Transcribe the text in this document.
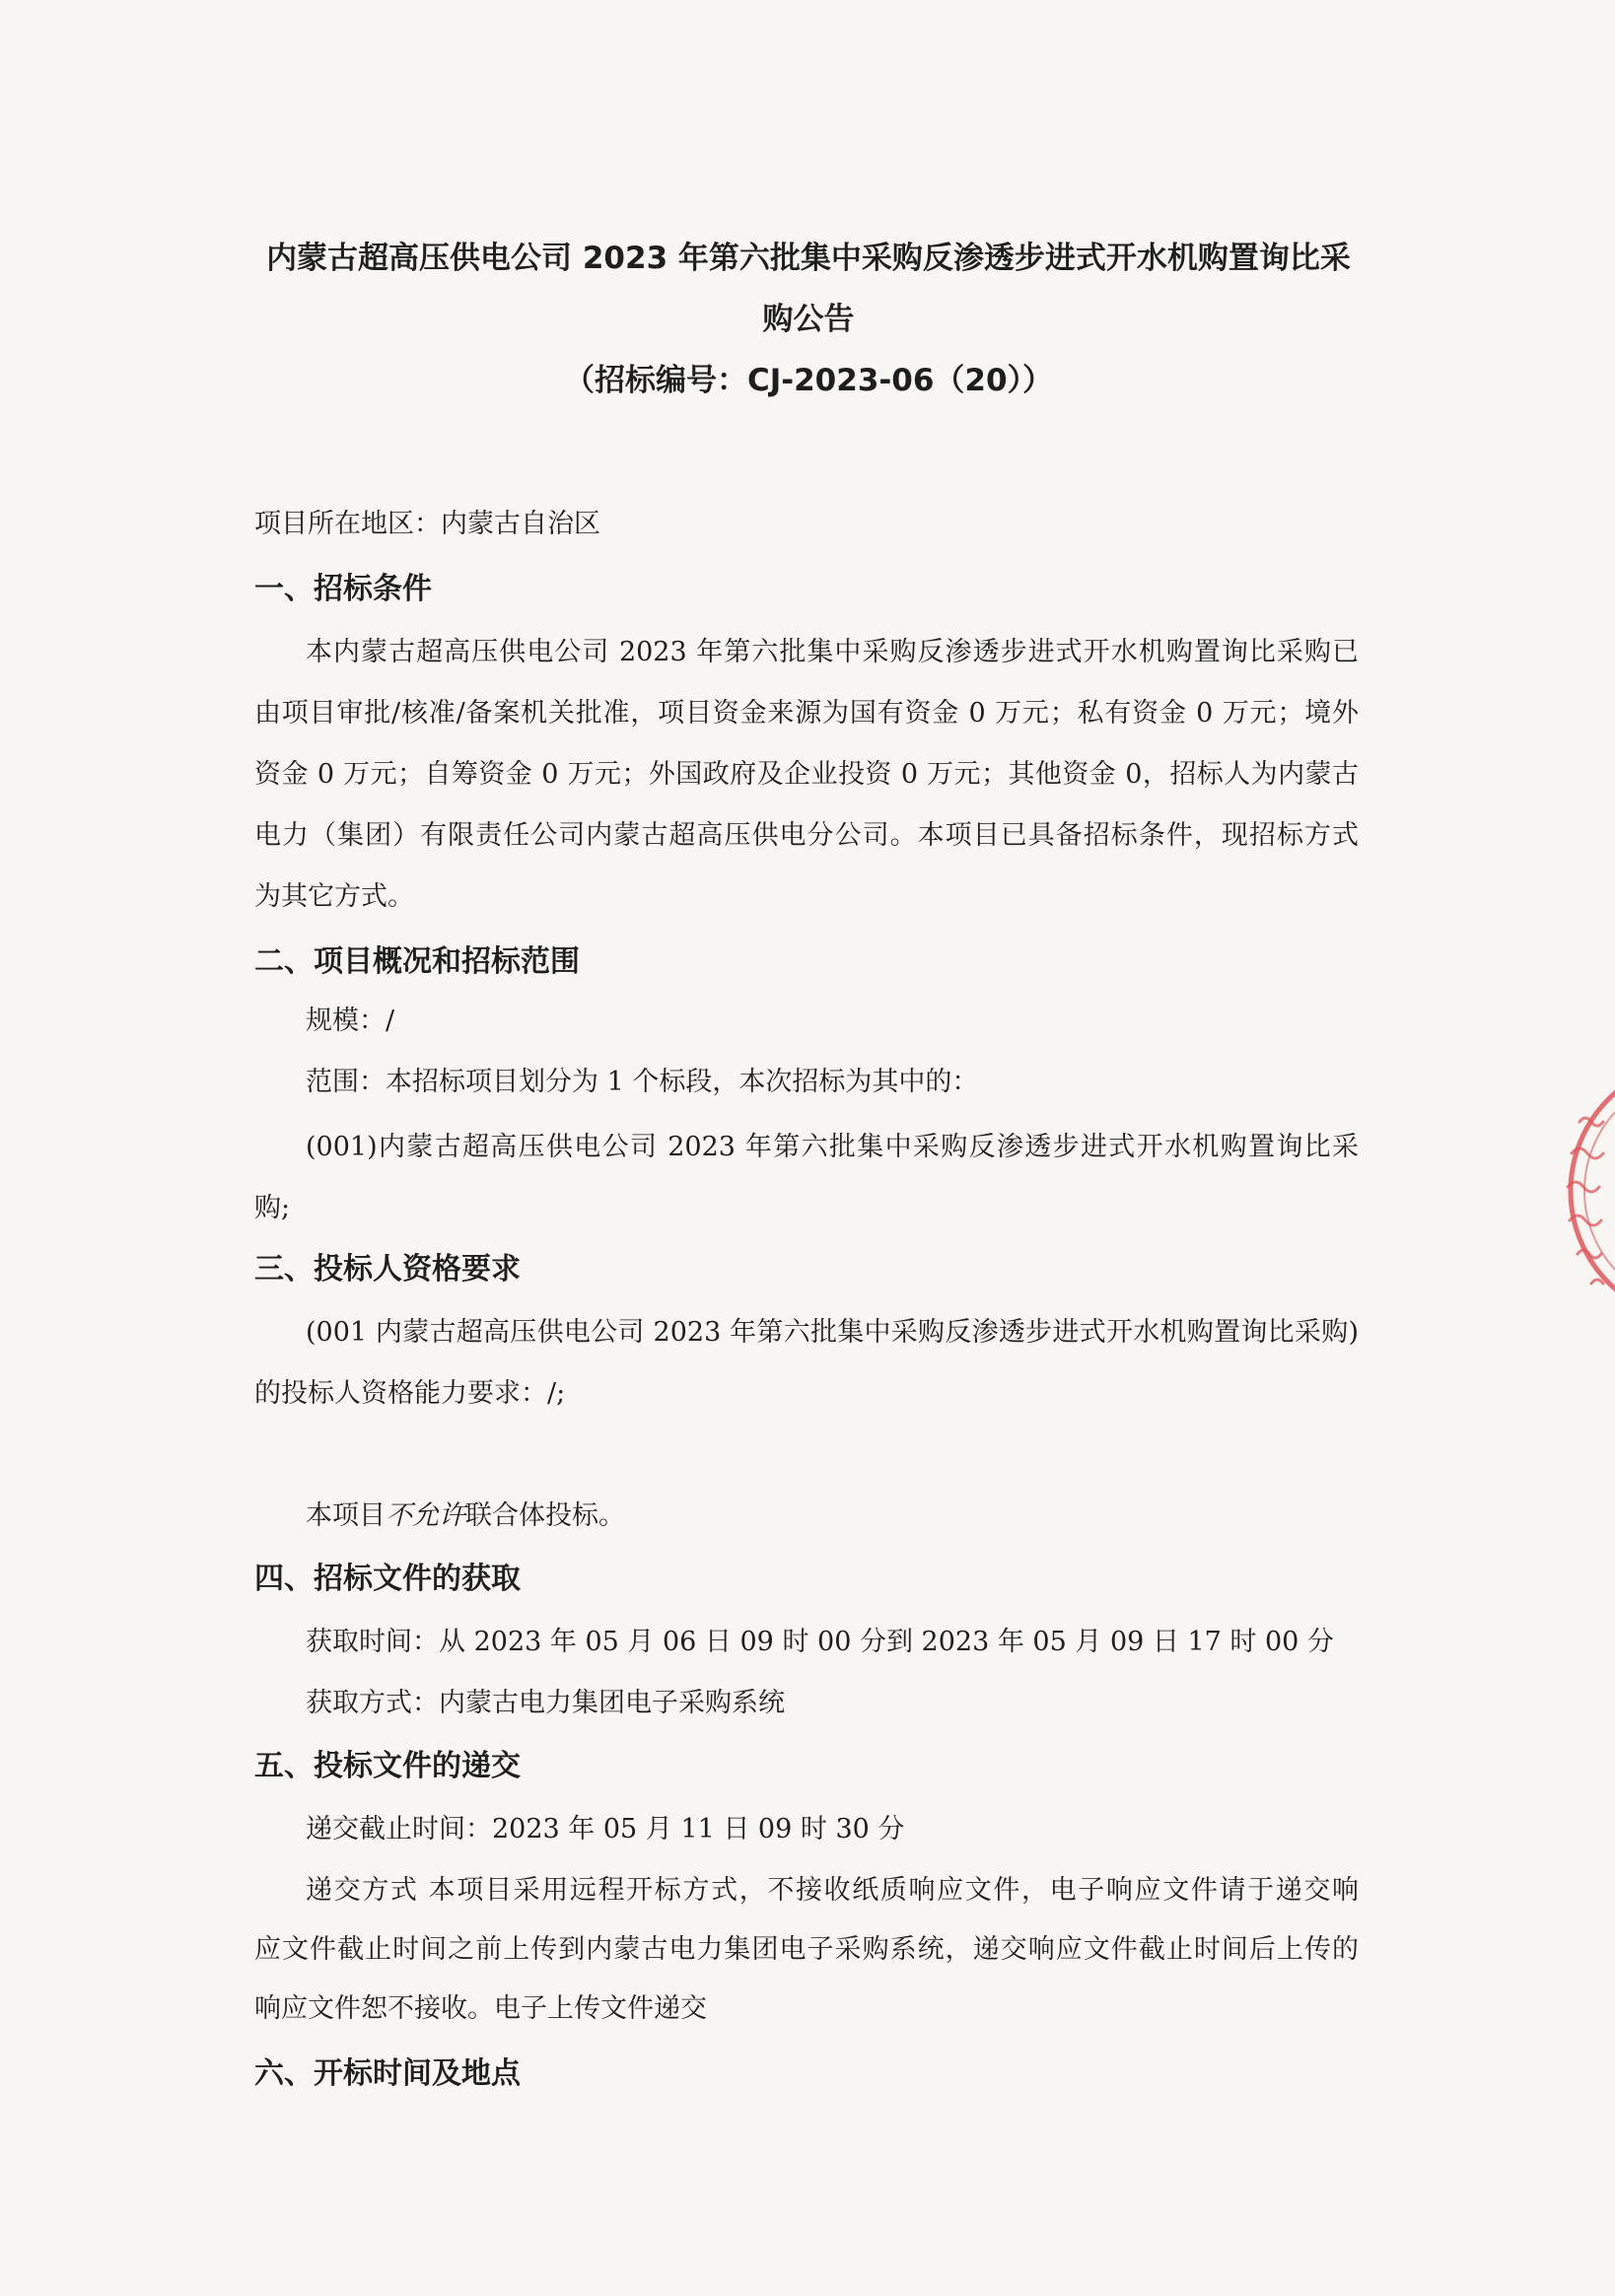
内蒙古超高压供电公司 2023 年第六批集中采购反渗透步进式开水机购置询比采
购公告
（招标编号：CJ-2023-06（20））
项目所在地区：内蒙古自治区
一、招标条件
本内蒙古超高压供电公司 2023 年第六批集中采购反渗透步进式开水机购置询比采购已
由项目审批/核准/备案机关批准，项目资金来源为国有资金 0 万元；私有资金 0 万元；境外
资金 0 万元；自筹资金 0 万元；外国政府及企业投资 0 万元；其他资金 0，招标人为内蒙古
电力（集团）有限责任公司内蒙古超高压供电分公司。本项目已具备招标条件，现招标方式
为其它方式。
二、项目概况和招标范围
规模：/
范围：本招标项目划分为 1 个标段，本次招标为其中的：
(001)内蒙古超高压供电公司 2023 年第六批集中采购反渗透步进式开水机购置询比采
购;
三、投标人资格要求
(001 内蒙古超高压供电公司 2023 年第六批集中采购反渗透步进式开水机购置询比采购)
的投标人资格能力要求：/;
本项目不允许联合体投标。
四、招标文件的获取
获取时间：从 2023 年 05 月 06 日 09 时 00 分到 2023 年 05 月 09 日 17 时 00 分
获取方式：内蒙古电力集团电子采购系统
五、投标文件的递交
递交截止时间：2023 年 05 月 11 日 09 时 30 分
递交方式 本项目采用远程开标方式，不接收纸质响应文件，电子响应文件请于递交响
应文件截止时间之前上传到内蒙古电力集团电子采购系统，递交响应文件截止时间后上传的
响应文件恕不接收。电子上传文件递交
六、开标时间及地点
